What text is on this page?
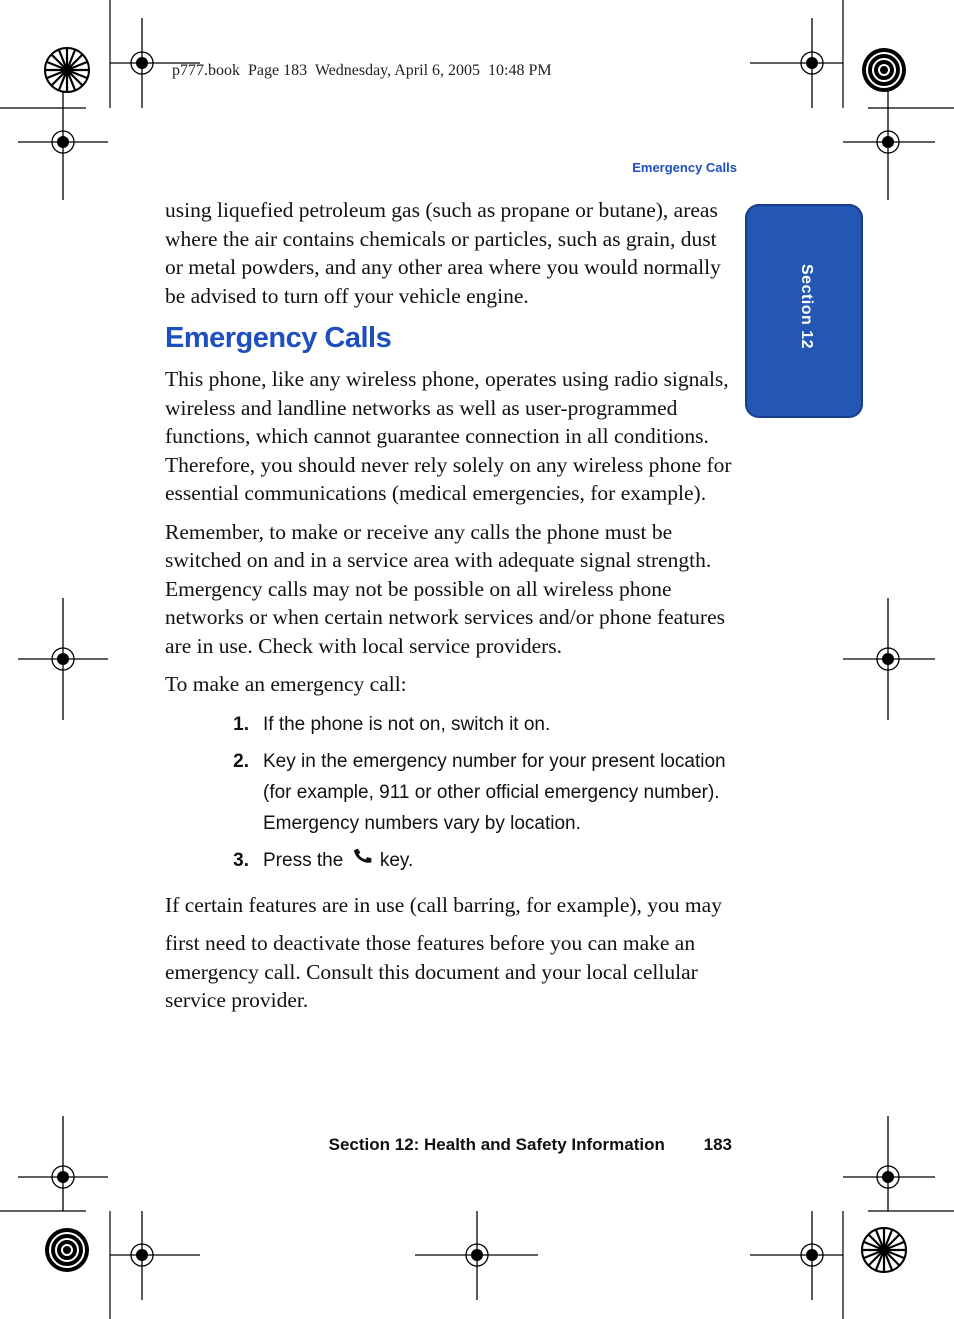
p777.book  Page 183  Wednesday, April 6, 2005  10:48 PM
Emergency Calls
Section 12

using liquefied petroleum gas (such as propane or butane), areas where the air contains chemicals or particles, such as grain, dust or metal powders, and any other area where you would normally be advised to turn off your vehicle engine.

Emergency Calls

This phone, like any wireless phone, operates using radio signals, wireless and landline networks as well as user-programmed functions, which cannot guarantee connection in all conditions. Therefore, you should never rely solely on any wireless phone for essential communications (medical emergencies, for example).

Remember, to make or receive any calls the phone must be switched on and in a service area with adequate signal strength. Emergency calls may not be possible on all wireless phone networks or when certain network services and/or phone features are in use. Check with local service providers.

To make an emergency call:

1. If the phone is not on, switch it on.
2. Key in the emergency number for your present location (for example, 911 or other official emergency number). Emergency numbers vary by location.
3. Press the key.

If certain features are in use (call barring, for example), you may

first need to deactivate those features before you can make an emergency call. Consult this document and your local cellular service provider.

Section 12: Health and Safety Information 183
